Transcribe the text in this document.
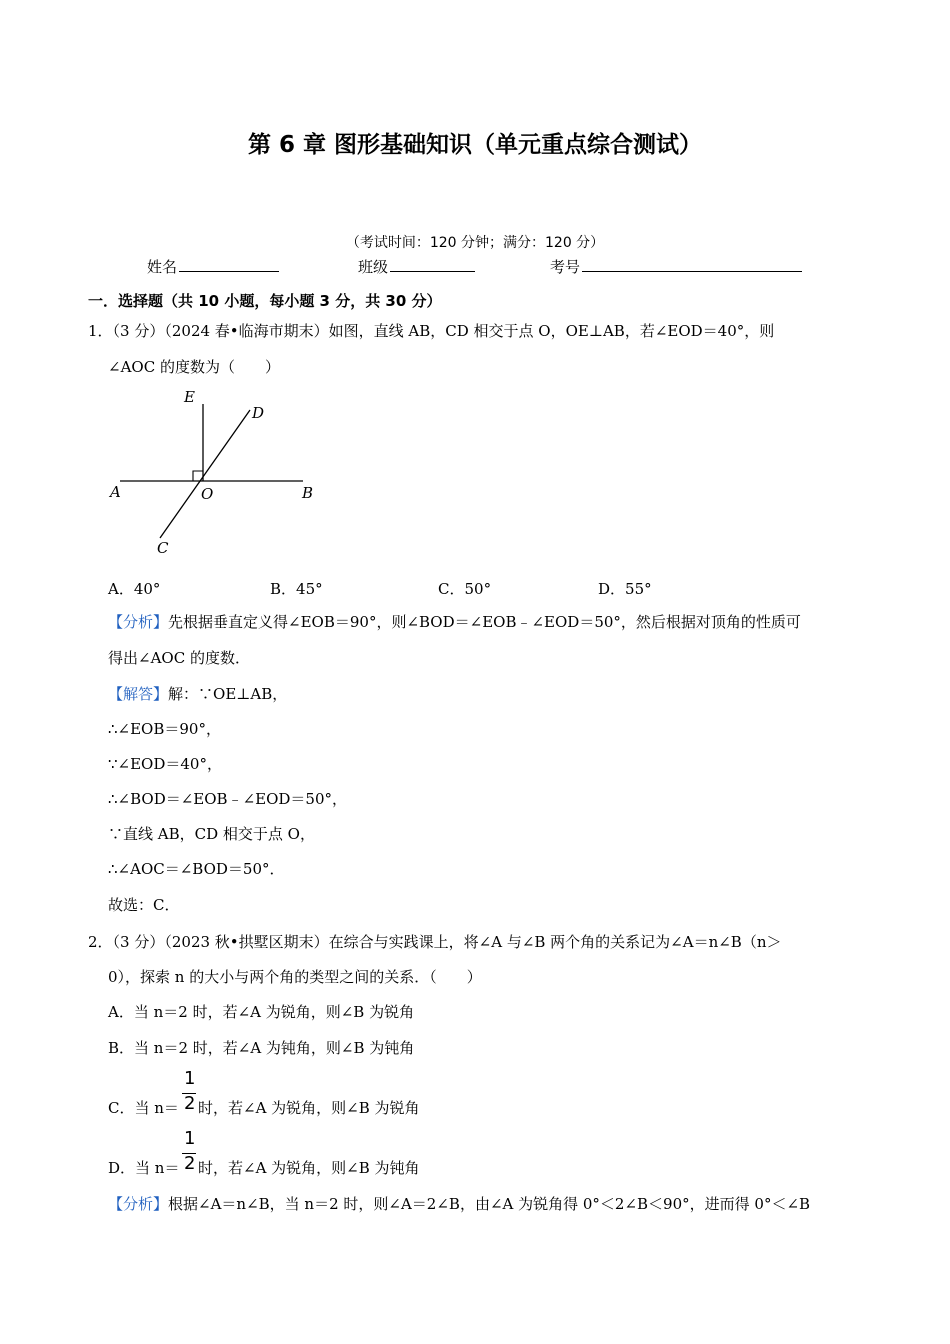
第 6 章 图形基础知识（单元重点综合测试）
（考试时间：120 分钟；满分：120 分）
姓名	班级	考号
一．选择题（共 10 小题，每小题 3 分，共 30 分）
1．（3 分）（2024 春•临海市期末）如图，直线 AB，CD 相交于点 O，OE⊥AB，若∠EOD＝40°，则
∠AOC 的度数为（　　）
E
D
A	O	B
C
A．40°	B．45°	C．50°	D．55°
【分析】先根据垂直定义得∠EOB＝90°，则∠BOD＝∠EOB﹣∠EOD＝50°，然后根据对顶角的性质可
得出∠AOC 的度数．
【解答】解：∵OE⊥AB，
∴∠EOB＝90°，
∵∠EOD＝40°，
∴∠BOD＝∠EOB﹣∠EOD＝50°，
∵直线 AB，CD 相交于点 O，
∴∠AOC＝∠BOD＝50°．
故选：C．
2．（3 分）（2023 秋•拱墅区期末）在综合与实践课上，将∠A 与∠B 两个角的关系记为∠A＝n∠B（n＞
0），探索 n 的大小与两个角的类型之间的关系．（　　）
A．当 n＝2 时，若∠A 为锐角，则∠B 为锐角
B．当 n＝2 时，若∠A 为钝角，则∠B 为钝角
C．当 n＝
1
2 时，若∠A 为锐角，则∠B 为锐角
D．当 n＝
1
2 时，若∠A 为锐角，则∠B 为钝角
【分析】根据∠A＝n∠B，当 n＝2 时，则∠A＝2∠B，由∠A 为锐角得 0°＜2∠B＜90°，进而得 0°＜∠B
